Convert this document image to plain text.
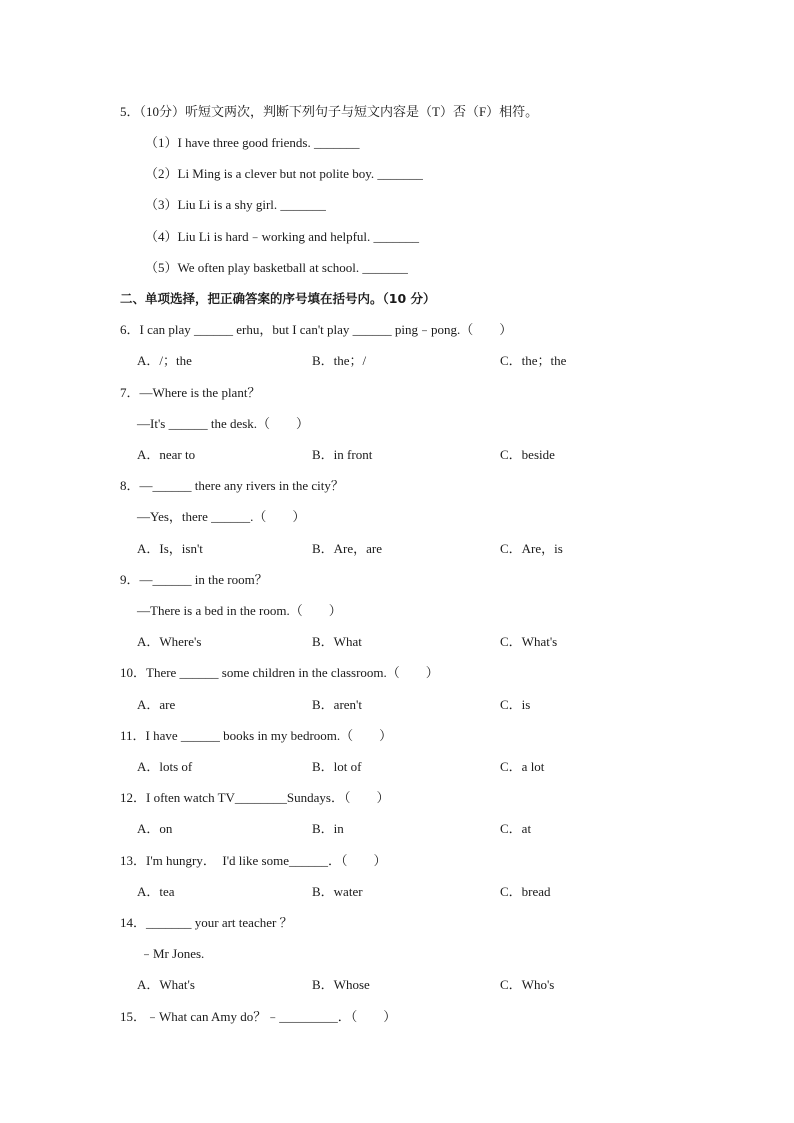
5．（10分）听短文两次，判断下列句子与短文内容是（T）否（F）相符。
（1）I have three good friends. _______
（2）Li Ming is a clever but not polite boy. _______
（3）Liu Li is a shy girl. _______
（4）Liu Li is hard﹣working and helpful. _______
（5）We often play basketball at school. _______
二、单项选择，把正确答案的序号填在括号内。（10 分）
6．I can play ______ erhu，but I can't play ______ ping﹣pong.（　　）
A．/；the	B．the；/	C．the；the
7．—Where is the plant？
—It's ______ the desk.（　　）
A．near to	B．in front	C．beside
8．—______ there any rivers in the city？
—Yes，there ______.（　　）
A．Is，isn't	B．Are，are	C．Are，is
9．—______ in the room？
—There is a bed in the room.（　　）
A．Where's	B．What	C．What's
10．There ______ some children in the classroom.（　　）
A．are	B．aren't	C．is
11．I have ______ books in my bedroom.（　　）
A．lots of	B．lot of	C．a lot
12．I often watch TV________Sundays．（　　）
A．on	B．in	C．at
13．I'm hungry．  I'd like some______．（　　）
A．tea	B．water	C．bread
14．_______ your art teacher ？
﹣Mr Jones.
A．What's	B．Whose	C．Who's
15．﹣What can Amy do？﹣_________．（　　）
